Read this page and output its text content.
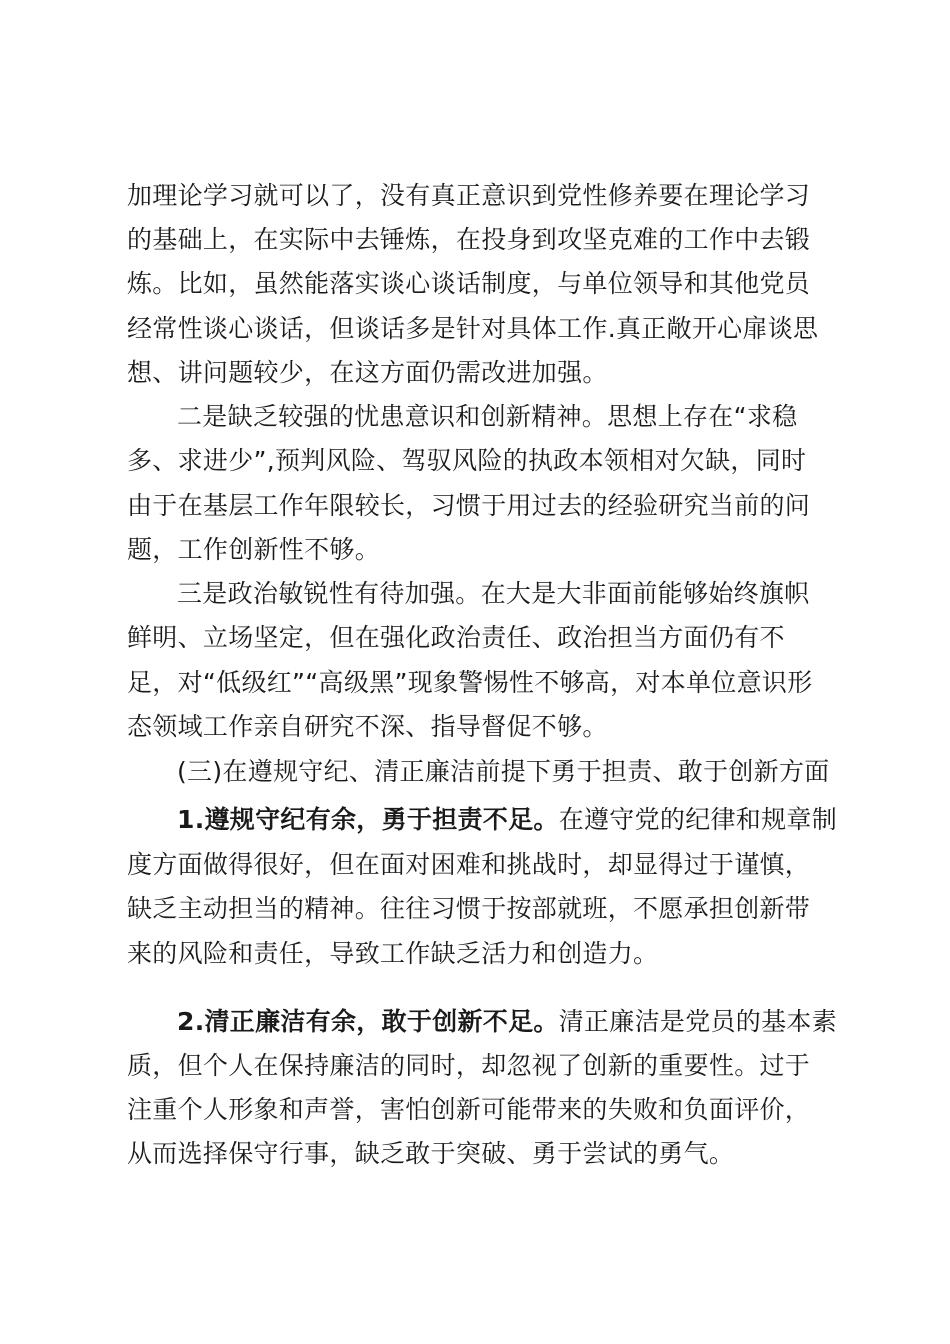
加理论学习就可以了，没有真正意识到党性修养要在理论学习
的基础上，在实际中去锤炼，在投身到攻坚克难的工作中去锻
炼。比如，虽然能落实谈心谈话制度，与单位领导和其他党员
经常性谈心谈话，但谈话多是针对具体工作.真正敞开心扉谈思
想、讲问题较少，在这方面仍需改进加强。
二是缺乏较强的忧患意识和创新精神。思想上存在“求稳
多、求进少”,预判风险、驾驭风险的执政本领相对欠缺，同时
由于在基层工作年限较长，习惯于用过去的经验研究当前的问
题，工作创新性不够。
三是政治敏锐性有待加强。在大是大非面前能够始终旗帜
鲜明、立场坚定，但在强化政治责任、政治担当方面仍有不
足，对“低级红”“高级黑”现象警惕性不够高，对本单位意识形
态领域工作亲自研究不深、指导督促不够。
(三)在遵规守纪、清正廉洁前提下勇于担责、敢于创新方面
1.遵规守纪有余，勇于担责不足。在遵守党的纪律和规章制
度方面做得很好，但在面对困难和挑战时，却显得过于谨慎，
缺乏主动担当的精神。往往习惯于按部就班，不愿承担创新带
来的风险和责任，导致工作缺乏活力和创造力。
2.清正廉洁有余，敢于创新不足。清正廉洁是党员的基本素
质，但个人在保持廉洁的同时，却忽视了创新的重要性。过于
注重个人形象和声誉，害怕创新可能带来的失败和负面评价，
从而选择保守行事，缺乏敢于突破、勇于尝试的勇气。
